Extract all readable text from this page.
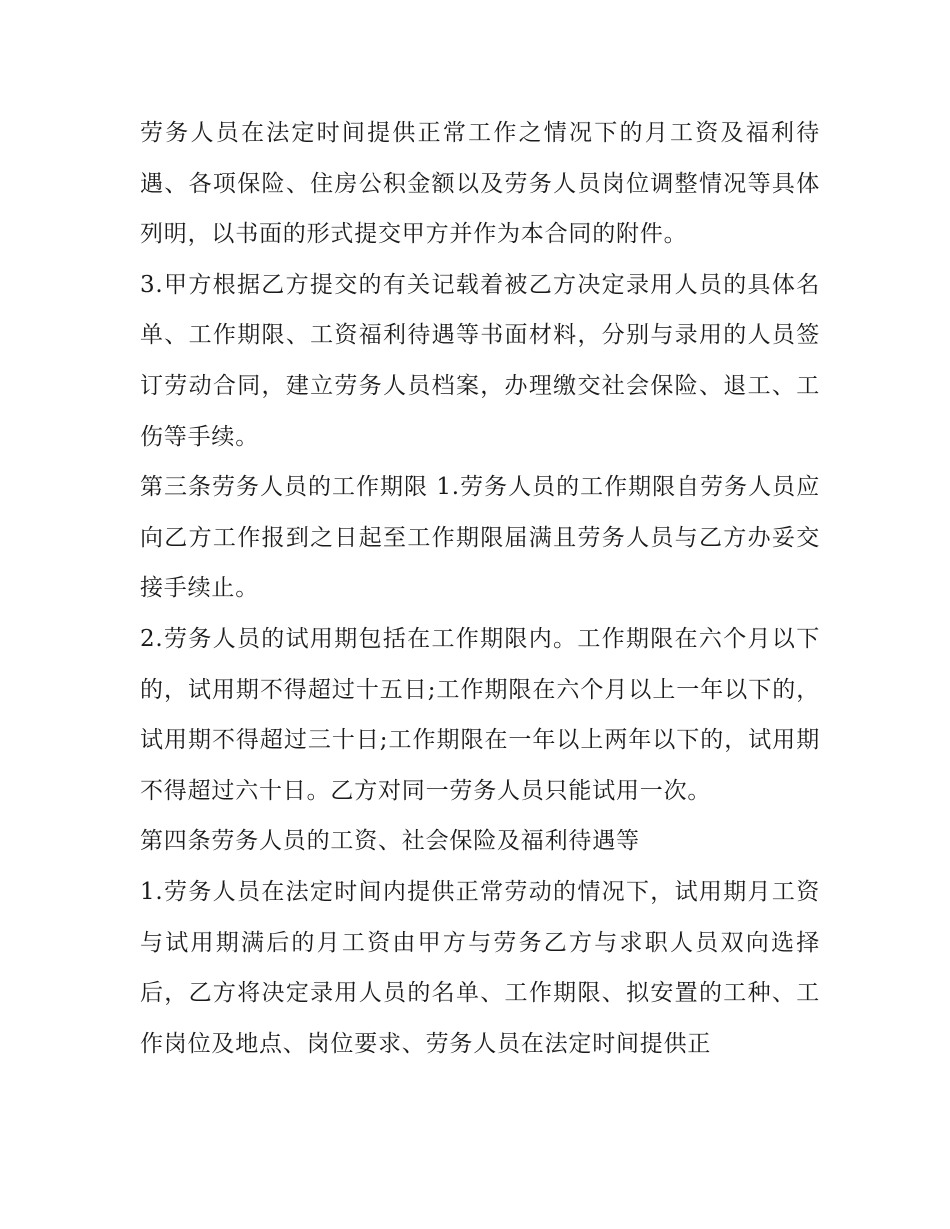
劳务人员在法定时间提供正常工作之情况下的月工资及福利待遇、各项保险、住房公积金额以及劳务人员岗位调整情况等具体列明，以书面的形式提交甲方并作为本合同的附件。

3.甲方根据乙方提交的有关记载着被乙方决定录用人员的具体名单、工作期限、工资福利待遇等书面材料，分别与录用的人员签订劳动合同，建立劳务人员档案，办理缴交社会保险、退工、工伤等手续。

第三条劳务人员的工作期限 1.劳务人员的工作期限自劳务人员应向乙方工作报到之日起至工作期限届满且劳务人员与乙方办妥交接手续止。

2.劳务人员的试用期包括在工作期限内。工作期限在六个月以下的，试用期不得超过十五日;工作期限在六个月以上一年以下的，试用期不得超过三十日;工作期限在一年以上两年以下的，试用期不得超过六十日。乙方对同一劳务人员只能试用一次。

第四条劳务人员的工资、社会保险及福利待遇等

1.劳务人员在法定时间内提供正常劳动的情况下，试用期月工资与试用期满后的月工资由甲方与劳务乙方与求职人员双向选择后，乙方将决定录用人员的名单、工作期限、拟安置的工种、工作岗位及地点、岗位要求、劳务人员在法定时间提供正
